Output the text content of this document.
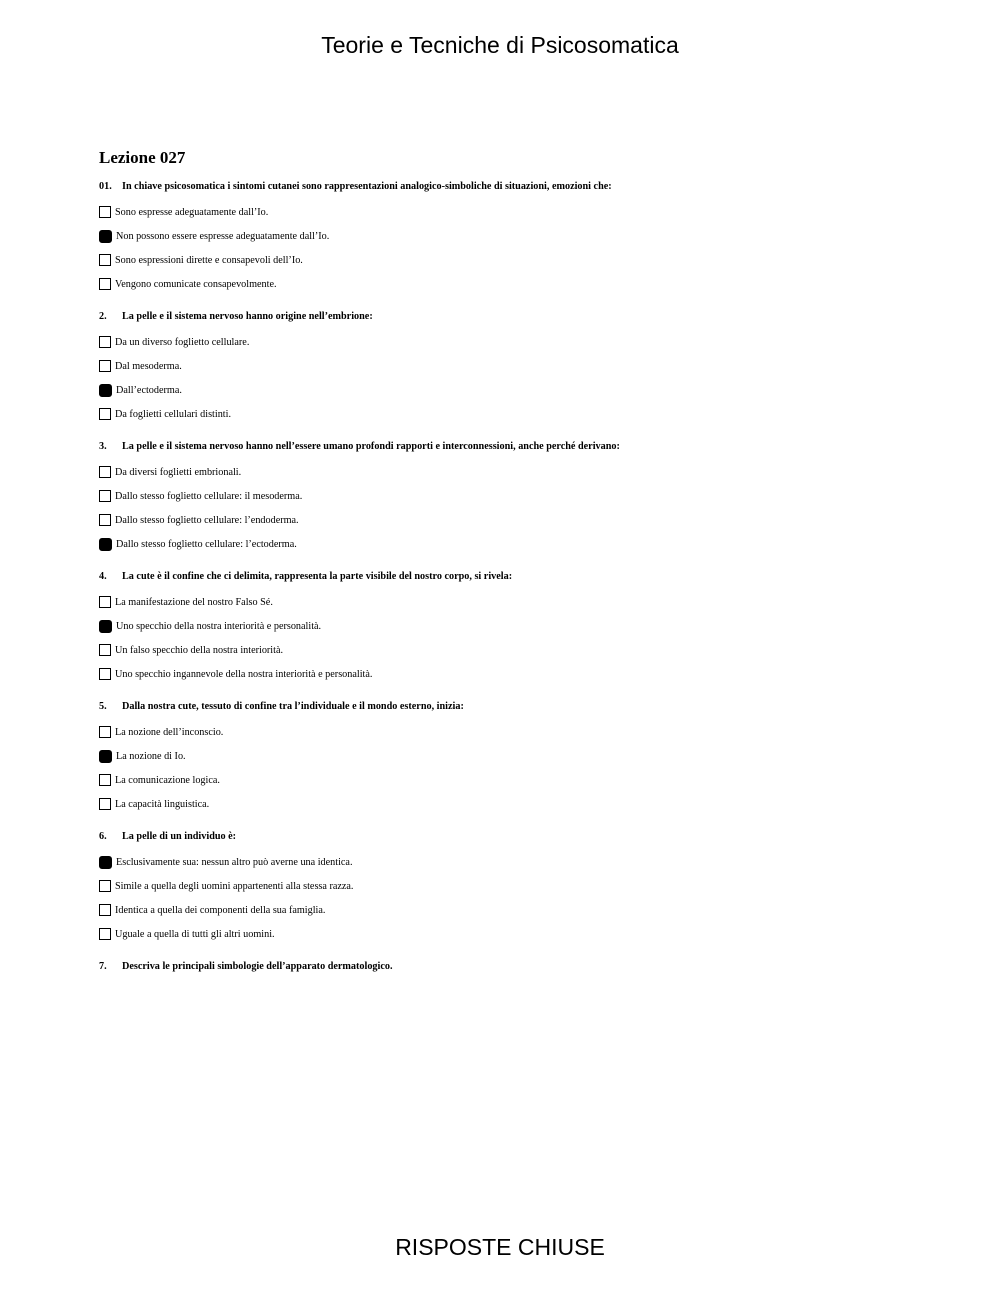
Teorie e Tecniche di Psicosomatica
Lezione 027

01. In chiave psicosomatica i sintomi cutanei sono rappresentazioni analogico-simboliche di situazioni, emozioni che:

Sono espresse adeguatamente dall’Io.
Non possono essere espresse adeguatamente dall’Io.
Sono espressioni dirette e consapevoli dell’Io.
Vengono comunicate consapevolmente.

2. La pelle e il sistema nervoso hanno origine nell’embrione:

Da un diverso foglietto cellulare.
Dal mesoderma.
Dall’ectoderma.
Da foglietti cellulari distinti.

3. La pelle e il sistema nervoso hanno nell’essere umano profondi rapporti e interconnessioni, anche perché derivano:

Da diversi foglietti embrionali.
Dallo stesso foglietto cellulare: il mesoderma.
Dallo stesso foglietto cellulare: l’endoderma.
Dallo stesso foglietto cellulare: l’ectoderma.

4. La cute è il confine che ci delimita, rappresenta la parte visibile del nostro corpo, si rivela:

La manifestazione del nostro Falso Sé.
Uno specchio della nostra interiorità e personalità.
Un falso specchio della nostra interiorità.
Uno specchio ingannevole della nostra interiorità e personalità.

5. Dalla nostra cute, tessuto di confine tra l’individuale e il mondo esterno, inizia:

La nozione dell’inconscio.
La nozione di Io.
La comunicazione logica.
La capacità linguistica.

6. La pelle di un individuo è:

Esclusivamente sua: nessun altro può averne una identica.
Simile a quella degli uomini appartenenti alla stessa razza.
Identica a quella dei componenti della sua famiglia.
Uguale a quella di tutti gli altri uomini.

7. Descriva le principali simbologie dell’apparato dermatologico.

RISPOSTE CHIUSE
